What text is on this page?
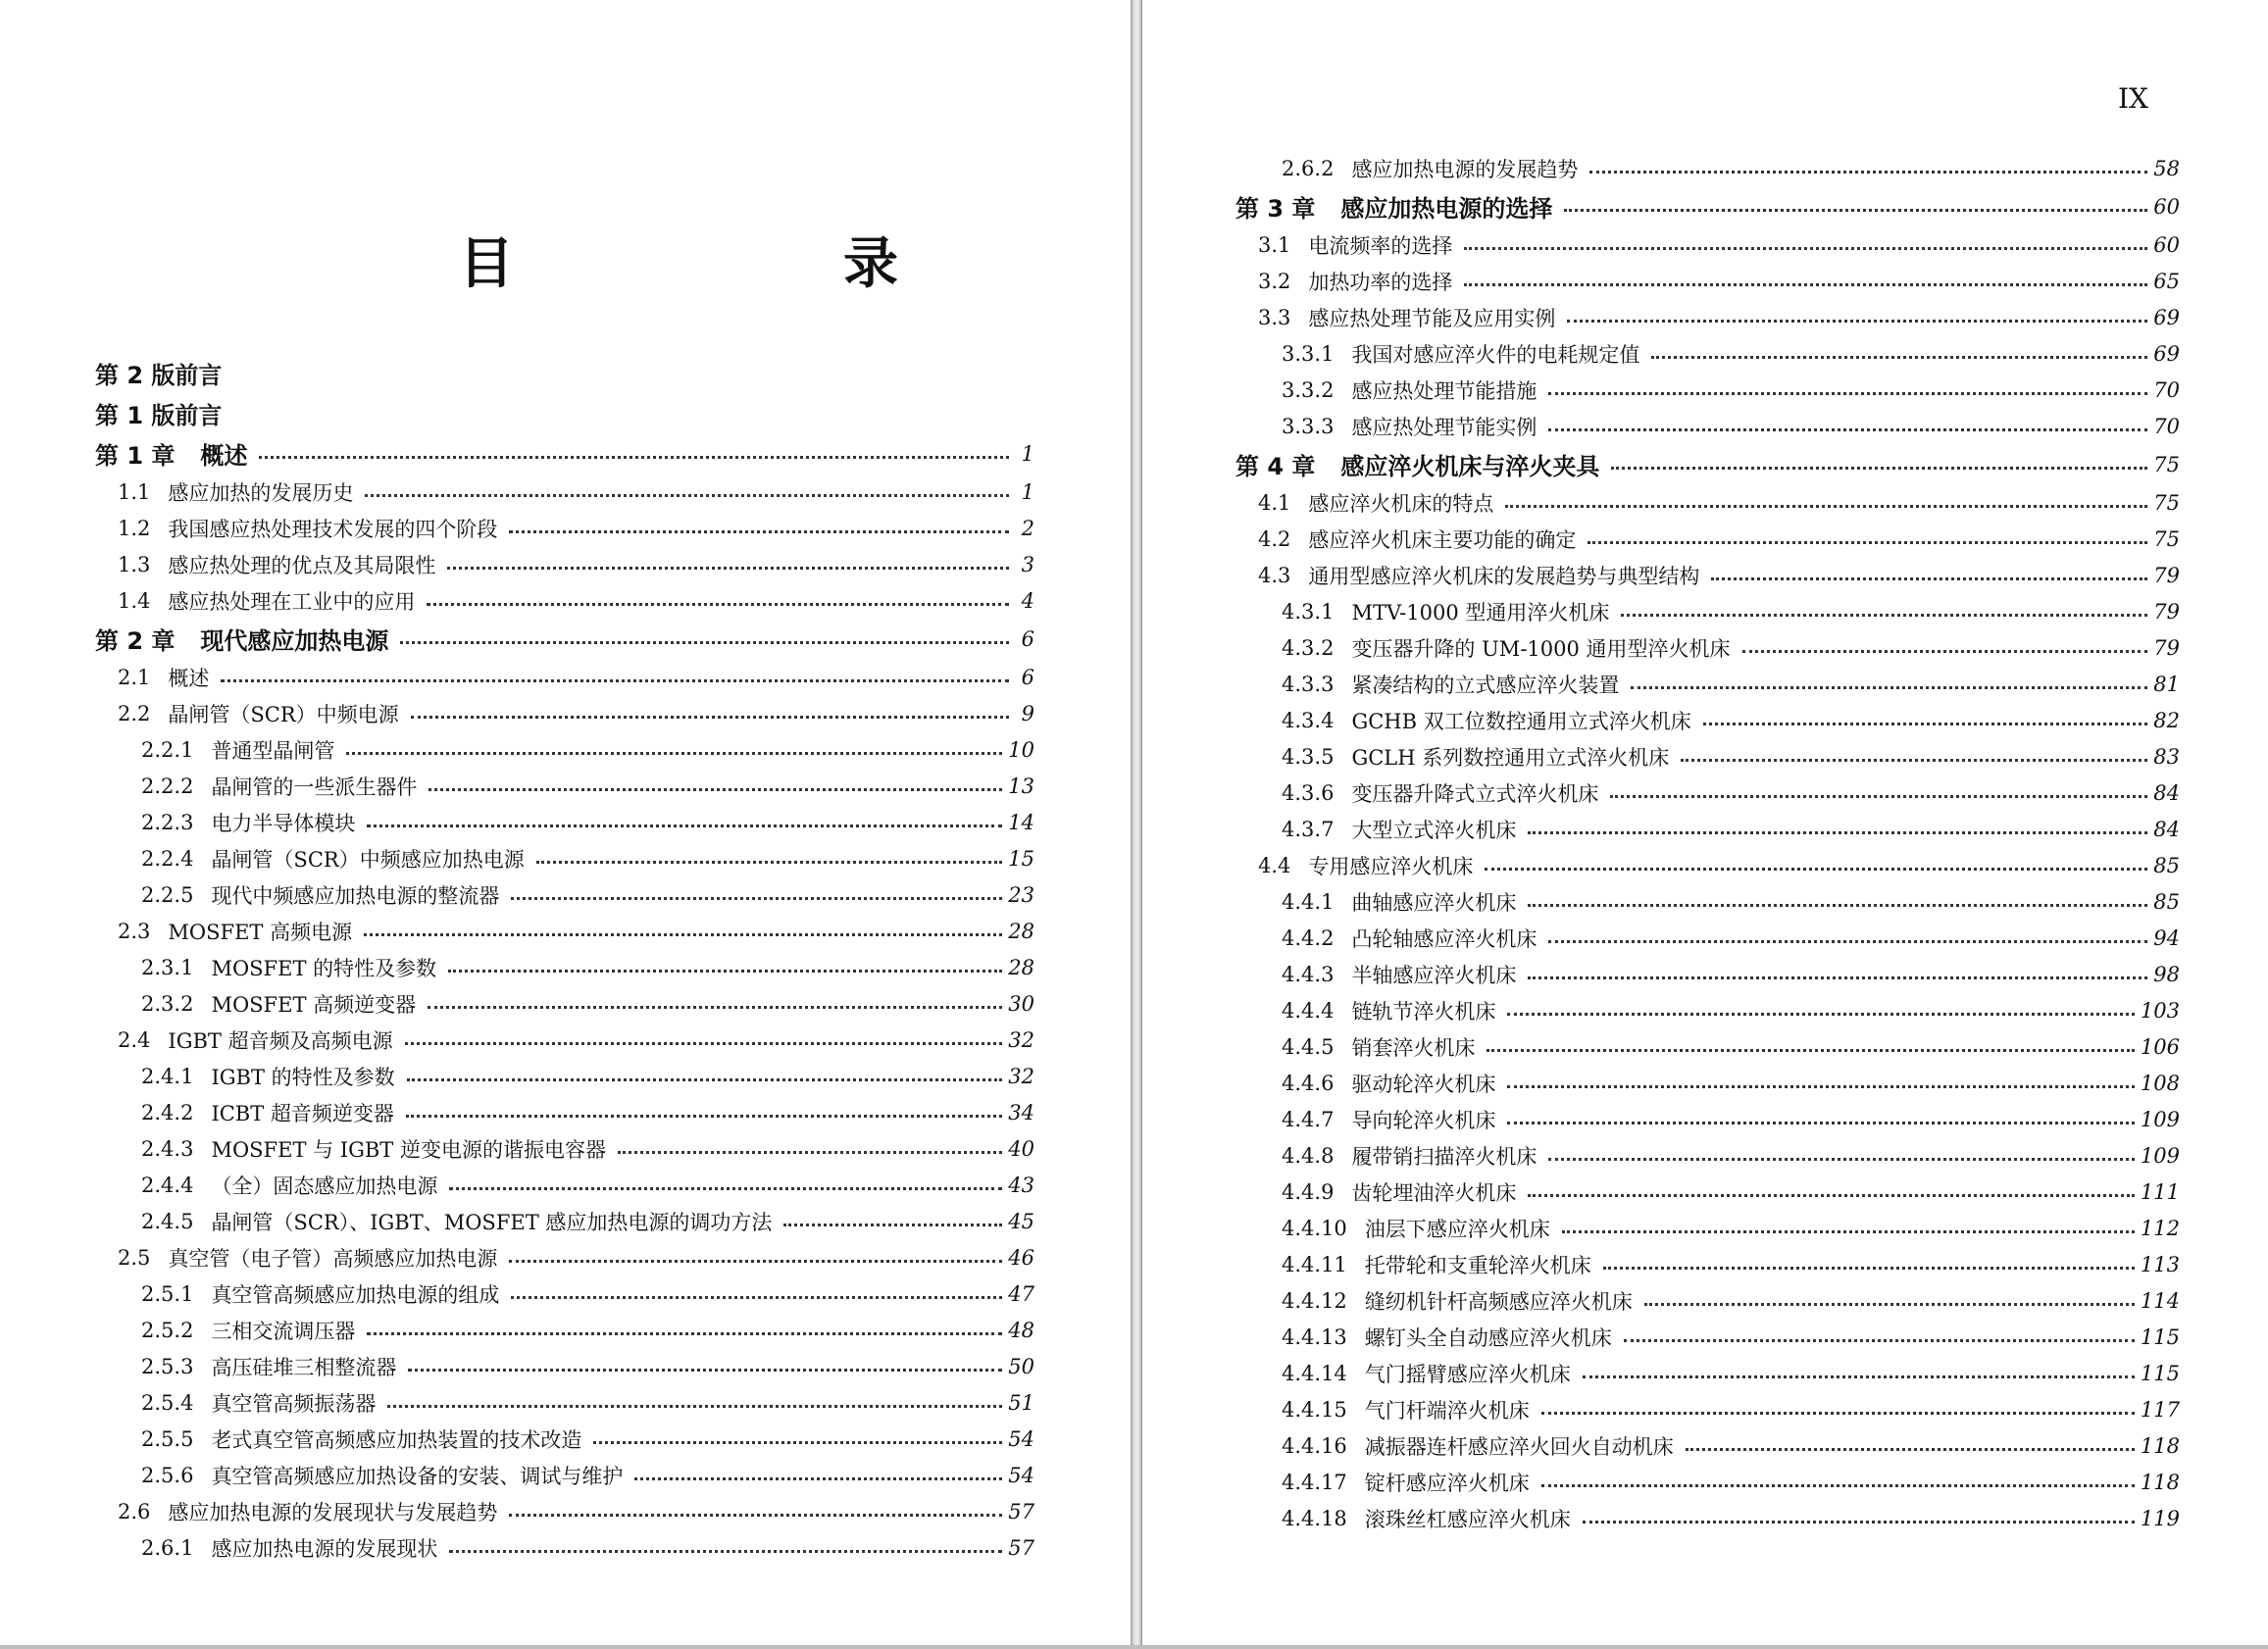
目　录
第 2 版前言
第 1 版前言
第 1 章 概述	1
1.1 感应加热的发展历史	1
1.2 我国感应热处理技术发展的四个阶段	2
1.3 感应热处理的优点及其局限性	3
1.4 感应热处理在工业中的应用	4
第 2 章 现代感应加热电源	6
2.1 概述	6
2.2 晶闸管（SCR）中频电源	9
2.2.1 普通型晶闸管	10
2.2.2 晶闸管的一些派生器件	13
2.2.3 电力半导体模块	14
2.2.4 晶闸管（SCR）中频感应加热电源	15
2.2.5 现代中频感应加热电源的整流器	23
2.3 MOSFET 高频电源	28
2.3.1 MOSFET 的特性及参数	28
2.3.2 MOSFET 高频逆变器	30
2.4 IGBT 超音频及高频电源	32
2.4.1 IGBT 的特性及参数	32
2.4.2 ICBT 超音频逆变器	34
2.4.3 MOSFET 与 IGBT 逆变电源的谐振电容器	40
2.4.4 （全）固态感应加热电源	43
2.4.5 晶闸管（SCR）、IGBT、MOSFET 感应加热电源的调功方法	45
2.5 真空管（电子管）高频感应加热电源	46
2.5.1 真空管高频感应加热电源的组成	47
2.5.2 三相交流调压器	48
2.5.3 高压硅堆三相整流器	50
2.5.4 真空管高频振荡器	51
2.5.5 老式真空管高频感应加热装置的技术改造	54
2.5.6 真空管高频感应加热设备的安装、调试与维护	54
2.6 感应加热电源的发展现状与发展趋势	57
2.6.1 感应加热电源的发展现状	57

IX

2.6.2 感应加热电源的发展趋势	58
第 3 章 感应加热电源的选择	60
3.1 电流频率的选择	60
3.2 加热功率的选择	65
3.3 感应热处理节能及应用实例	69
3.3.1 我国对感应淬火件的电耗规定值	69
3.3.2 感应热处理节能措施	70
3.3.3 感应热处理节能实例	70
第 4 章 感应淬火机床与淬火夹具	75
4.1 感应淬火机床的特点	75
4.2 感应淬火机床主要功能的确定	75
4.3 通用型感应淬火机床的发展趋势与典型结构	79
4.3.1 MTV-1000 型通用淬火机床	79
4.3.2 变压器升降的 UM-1000 通用型淬火机床	79
4.3.3 紧凑结构的立式感应淬火装置	81
4.3.4 GCHB 双工位数控通用立式淬火机床	82
4.3.5 GCLH 系列数控通用立式淬火机床	83
4.3.6 变压器升降式立式淬火机床	84
4.3.7 大型立式淬火机床	84
4.4 专用感应淬火机床	85
4.4.1 曲轴感应淬火机床	85
4.4.2 凸轮轴感应淬火机床	94
4.4.3 半轴感应淬火机床	98
4.4.4 链轨节淬火机床	103
4.4.5 销套淬火机床	106
4.4.6 驱动轮淬火机床	108
4.4.7 导向轮淬火机床	109
4.4.8 履带销扫描淬火机床	109
4.4.9 齿轮埋油淬火机床	111
4.4.10 油层下感应淬火机床	112
4.4.11 托带轮和支重轮淬火机床	113
4.4.12 缝纫机针杆高频感应淬火机床	114
4.4.13 螺钉头全自动感应淬火机床	115
4.4.14 气门摇臂感应淬火机床	115
4.4.15 气门杆端淬火机床	117
4.4.16 减振器连杆感应淬火回火自动机床	118
4.4.17 锭杆感应淬火机床	118
4.4.18 滚珠丝杠感应淬火机床	119
